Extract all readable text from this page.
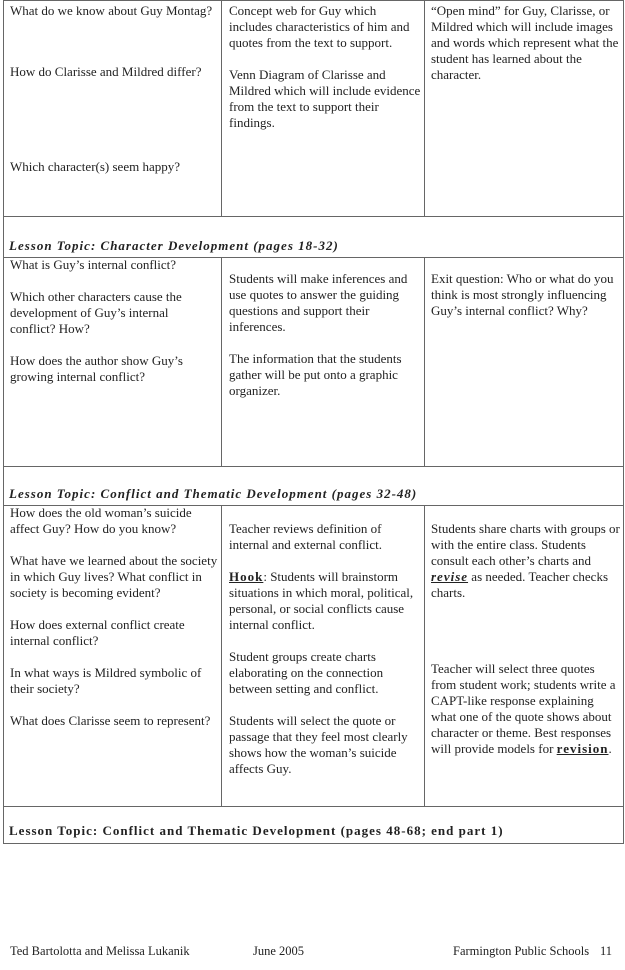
What do we know about Guy Montag?

How do Clarisse and Mildred differ?

Which character(s) seem happy?

Concept web for Guy which includes characteristics of him and quotes from the text to support.

Venn Diagram of Clarisse and Mildred which will include evidence from the text to support their findings.

“Open mind” for Guy, Clarisse, or Mildred which will include images and words which represent what the student has learned about the character.

Lesson Topic: Character Development (pages 18-32)

What is Guy’s internal conflict?

Which other characters cause the development of Guy’s internal conflict? How?

How does the author show Guy’s growing internal conflict?

Students will make inferences and use quotes to answer the guiding questions and support their inferences.

The information that the students gather will be put onto a graphic organizer.

Exit question: Who or what do you think is most strongly influencing Guy’s internal conflict? Why?

Lesson Topic: Conflict and Thematic Development (pages 32-48)

How does the old woman’s suicide affect Guy? How do you know?

What have we learned about the society in which Guy lives? What conflict in society is becoming evident?

How does external conflict create internal conflict?

In what ways is Mildred symbolic of their society?

What does Clarisse seem to represent?

Teacher reviews definition of internal and external conflict.

Hook: Students will brainstorm situations in which moral, political, personal, or social conflicts cause internal conflict.

Student groups create charts elaborating on the connection between setting and conflict.

Students will select the quote or passage that they feel most clearly shows how the woman’s suicide affects Guy.

Students share charts with groups or with the entire class. Students consult each other’s charts and revise as needed. Teacher checks charts.

Teacher will select three quotes from student work; students write a CAPT-like response explaining what one of the quote shows about character or theme. Best responses will provide models for revision.

Lesson Topic: Conflict and Thematic Development (pages 48-68; end part 1)
Ted Bartolotta and Melissa Lukanik	June 2005	Farmington Public Schools 11
